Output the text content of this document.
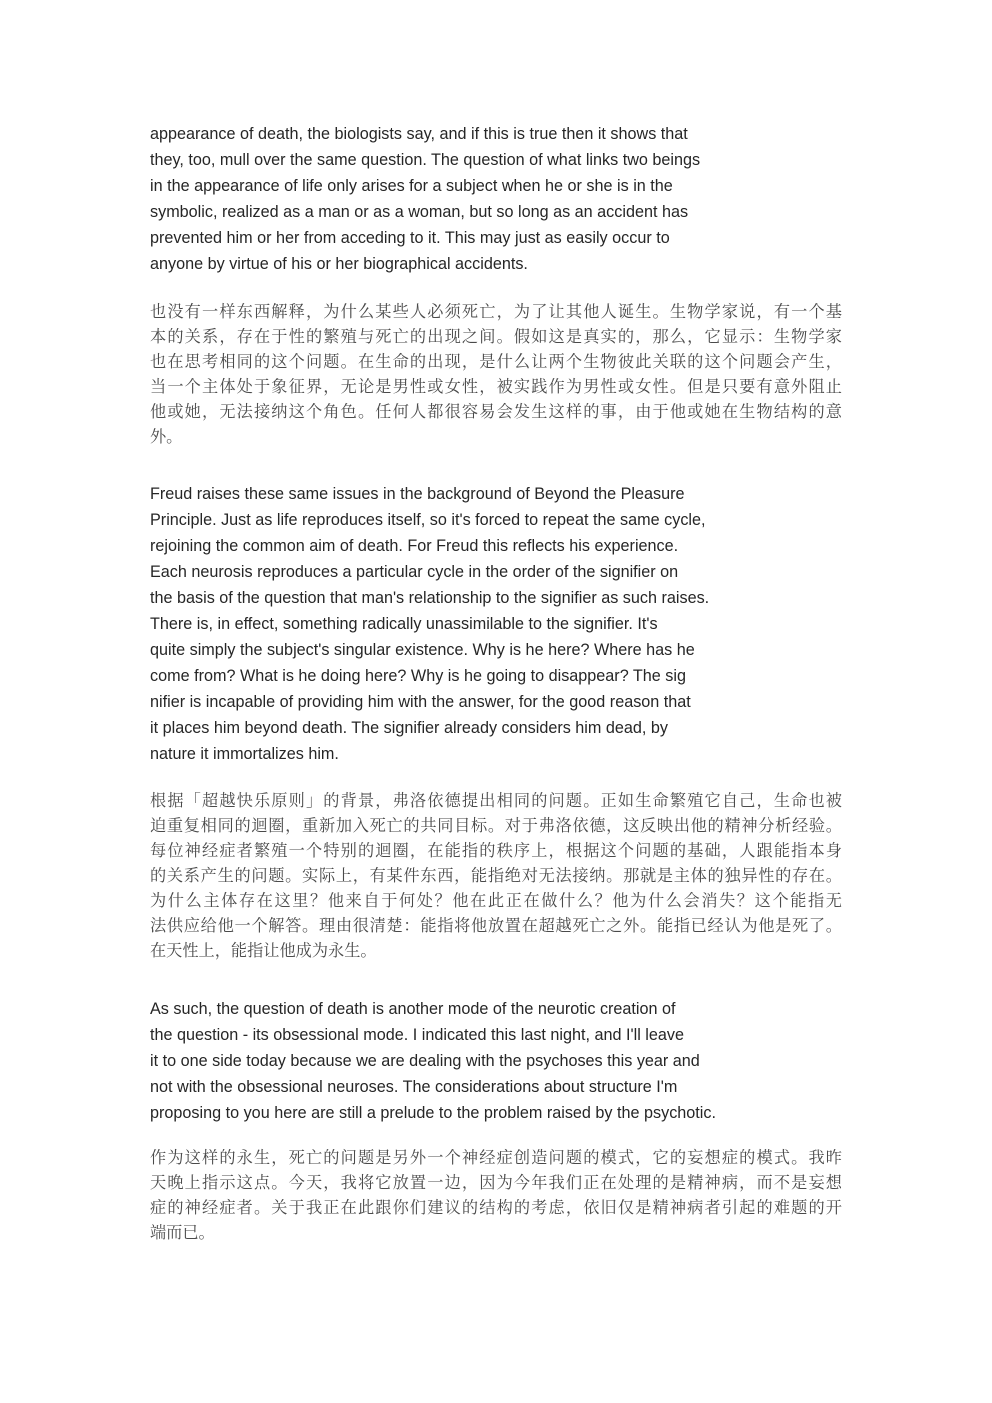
appearance of death, the biologists say, and if this is true then it shows that
they, too, mull over the same question. The question of what links two beings
in the appearance of life only arises for a subject when he or she is in the
symbolic, realized as a man or as a woman, but so long as an accident has
prevented him or her from acceding to it. This may just as easily occur to
anyone by virtue of his or her biographical accidents.
也没有一样东西解释，为什么某些人必须死亡，为了让其他人诞生。生物学家说，有一个基
本的关系，存在于性的繁殖与死亡的出现之间。假如这是真实的，那么，它显示：生物学家
也在思考相同的这个问题。在生命的出现，是什么让两个生物彼此关联的这个问题会产生，
当一个主体处于象征界，无论是男性或女性，被实践作为男性或女性。但是只要有意外阻止
他或她，无法接纳这个角色。任何人都很容易会发生这样的事，由于他或她在生物结构的意
外。
Freud raises these same issues in the background of Beyond the Pleasure
Principle. Just as life reproduces itself, so it's forced to repeat the same cycle,
rejoining the common aim of death. For Freud this reflects his experience.
Each neurosis reproduces a particular cycle in the order of the signifier on
the basis of the question that man's relationship to the signifier as such raises.
There is, in effect, something radically unassimilable to the signifier. It's
quite simply the subject's singular existence. Why is he here? Where has he
come from? What is he doing here? Why is he going to disappear? The sig
nifier is incapable of providing him with the answer, for the good reason that
it places him beyond death. The signifier already considers him dead, by
nature it immortalizes him.
根据「超越快乐原则」的背景，弗洛依德提出相同的问题。正如生命繁殖它自己，生命也被
迫重复相同的迴圈，重新加入死亡的共同目标。对于弗洛依德，这反映出他的精神分析经验。
每位神经症者繁殖一个特别的迴圈，在能指的秩序上，根据这个问题的基础，人跟能指本身
的关系产生的问题。实际上，有某件东西，能指绝对无法接纳。那就是主体的独异性的存在。
为什么主体存在这里？他来自于何处？他在此正在做什么？他为什么会消失？这个能指无
法供应给他一个解答。理由很清楚：能指将他放置在超越死亡之外。能指已经认为他是死了。
在天性上，能指让他成为永生。
As such, the question of death is another mode of the neurotic creation of
the question - its obsessional mode. I indicated this last night, and I'll leave
it to one side today because we are dealing with the psychoses this year and
not with the obsessional neuroses. The considerations about structure I'm
proposing to you here are still a prelude to the problem raised by the psychotic.
作为这样的永生，死亡的问题是另外一个神经症创造问题的模式，它的妄想症的模式。我昨
天晚上指示这点。今天，我将它放置一边，因为今年我们正在处理的是精神病，而不是妄想
症的神经症者。关于我正在此跟你们建议的结构的考虑，依旧仅是精神病者引起的难题的开
端而已。
